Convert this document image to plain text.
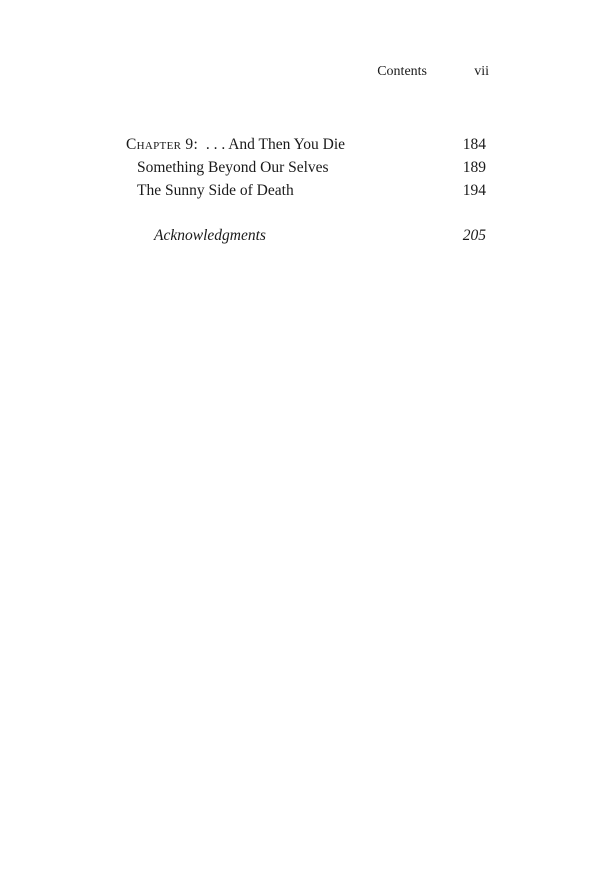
Contents	vii
Chapter 9: . . . And Then You Die	184
Something Beyond Our Selves	189
The Sunny Side of Death	194
Acknowledgments	205
